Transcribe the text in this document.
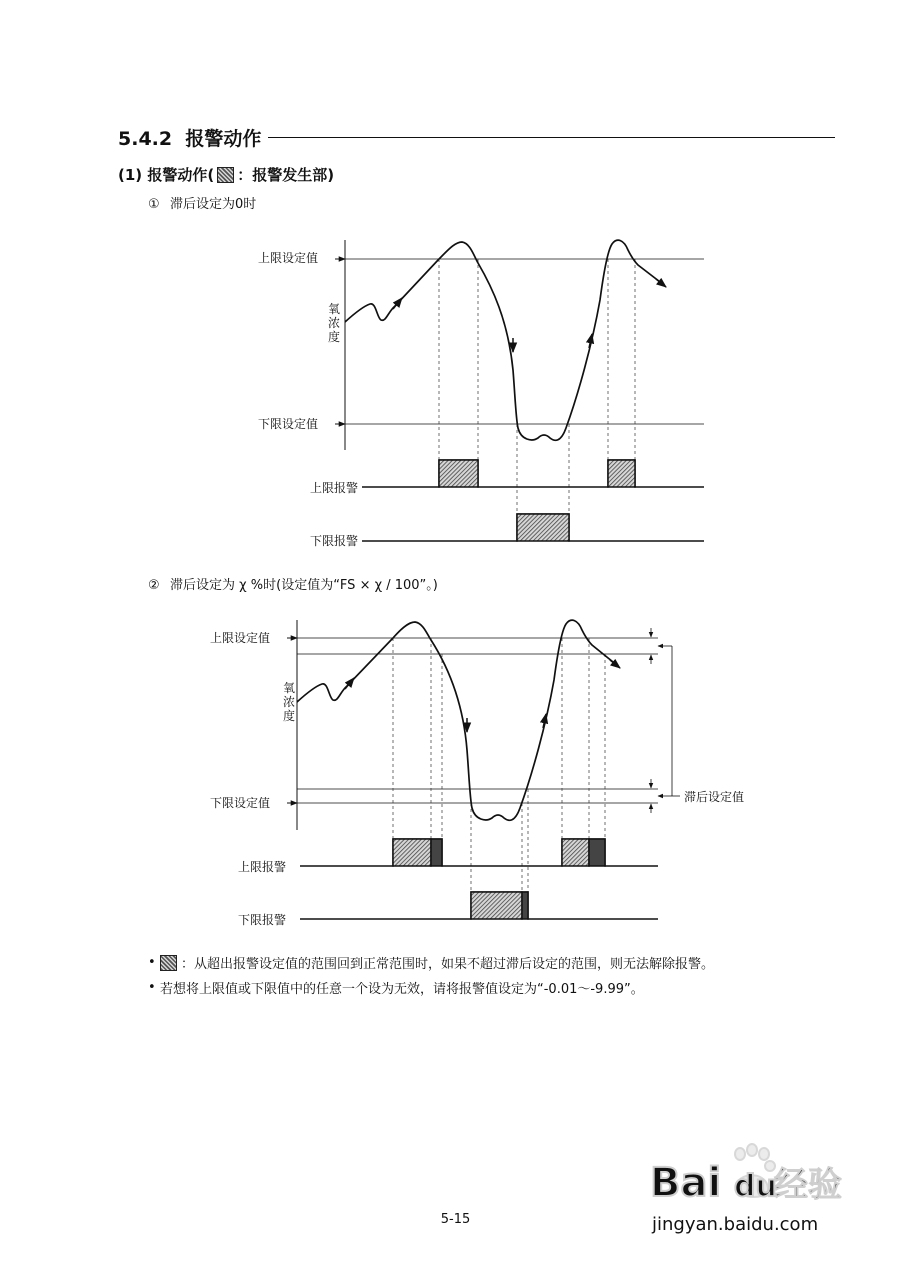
5.4.2 报警动作
(1) 报警动作( ：报警发生部)
① 滞后设定为0时
上限设定值
下限设定值
氧
浓
度
上限报警
下限报警
上限设定值
下限设定值
氧
浓
度
滞后设定值
上限报警
下限报警
② 滞后设定为 χ %时(设定值为“FS × χ / 100”。)
•	：从超出报警设定值的范围回到正常范围时，如果不超过滞后设定的范围，则无法解除报警。
• 若想将上限值或下限值中的任意一个设为无效，请将报警值设定为“-0.01～-9.99”。
Bai du
经验
jingyan.baidu.com
5-15
